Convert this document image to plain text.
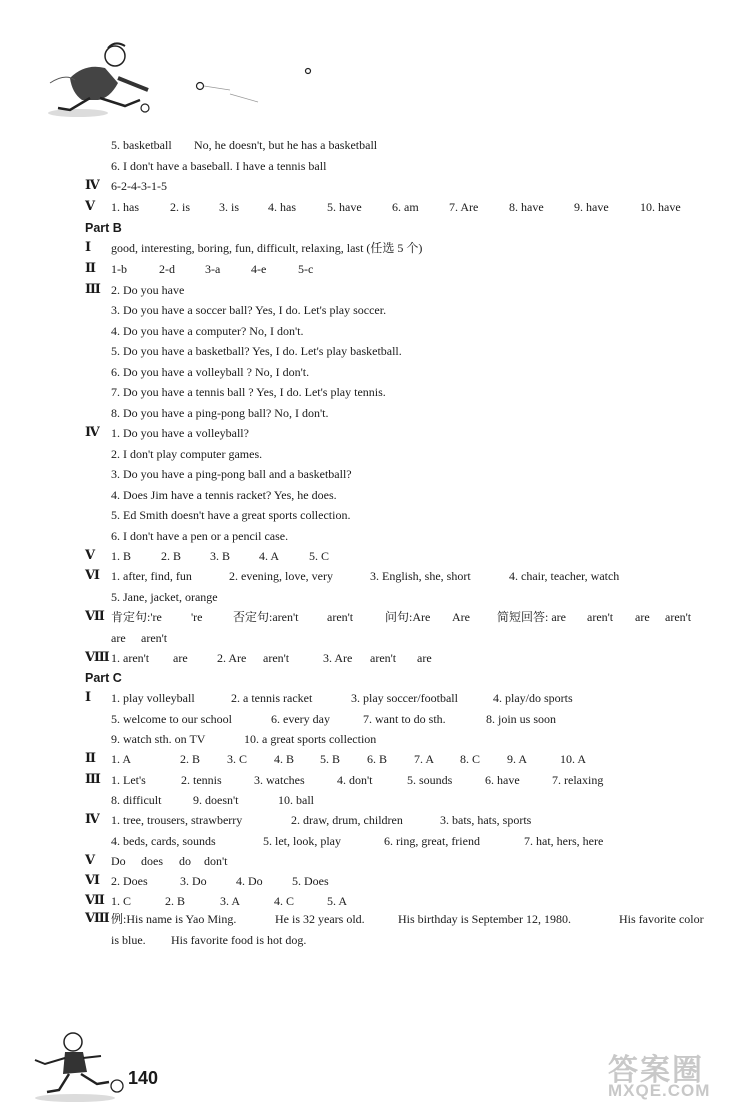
5. basketball No, he doesn't, but he has a basketball
6. I don't have a baseball. I have a tennis ball
Ⅳ 6-2-4-3-1-5
Ⅴ 1. has	2. is 3. is 4. has	5. have	6. am	7. Are	8. have	9. have	10. have
Part B
Ⅰ good, interesting, boring, fun, difficult, relaxing, last (任选 5 个)
Ⅱ 1-b	2-d	3-a	4-e	5-c
Ⅲ 2. Do you have
3. Do you have a soccer ball? Yes, I do. Let's play soccer.
4. Do you have a computer? No, I don't.
5. Do you have a basketball? Yes, I do. Let's play basketball.
6. Do you have a volleyball ? No, I don't.
7. Do you have a tennis ball ? Yes, I do. Let's play tennis.
8. Do you have a ping-pong ball? No, I don't.
Ⅳ 1. Do you have a volleyball?
2. I don't play computer games.
3. Do you have a ping-pong ball and a basketball?
4. Does Jim have a tennis racket? Yes, he does.
5. Ed Smith doesn't have a great sports collection.
6. I don't have a pen or a pencil case.
Ⅴ 1. B 2. B 3. B 4. A 5. C
Ⅵ 1. after, find, fun	2. evening, love, very	3. English, she, short	4. chair, teacher, watch
5. Jane, jacket, orange
Ⅶ 肯定句:'re 're	否定句:aren't aren't	问句:Are Are 简短回答: are aren't are aren't
are aren't
Ⅷ 1. aren't are 2. Are aren't	3. Are aren't are
Part C
Ⅰ 1. play volleyball	2. a tennis racket	3. play soccer/football	4. play/do sports
5. welcome to our school	6. every day	7. want to do sth.	8. join us soon
9. watch sth. on TV	10. a great sports collection
Ⅱ 1. A	2. B 3. C 4. B 5. B 6. B 7. A 8. C 9. A	10. A
Ⅲ 1. Let's	2. tennis	3. watches	4. don't	5. sounds	6. have	7. relaxing
8. difficult	9. doesn't	10. ball
Ⅳ 1. tree, trousers, strawberry	2. draw, drum, children	3. bats, hats, sports
4. beds, cards, sounds	5. let, look, play	6. ring, great, friend	7. hat, hers, here
Ⅴ Do does do don't
Ⅵ 2. Does	3. Do 4. Do 5. Does
Ⅶ 1. C	2. B	3. A	4. C	5. A
Ⅷ 例:His name is Yao Ming.	He is 32 years old.	His birthday is September 12, 1980.	His favorite color
is blue. His favorite food is hot dog.
140	答案圈
MXQE.COM
